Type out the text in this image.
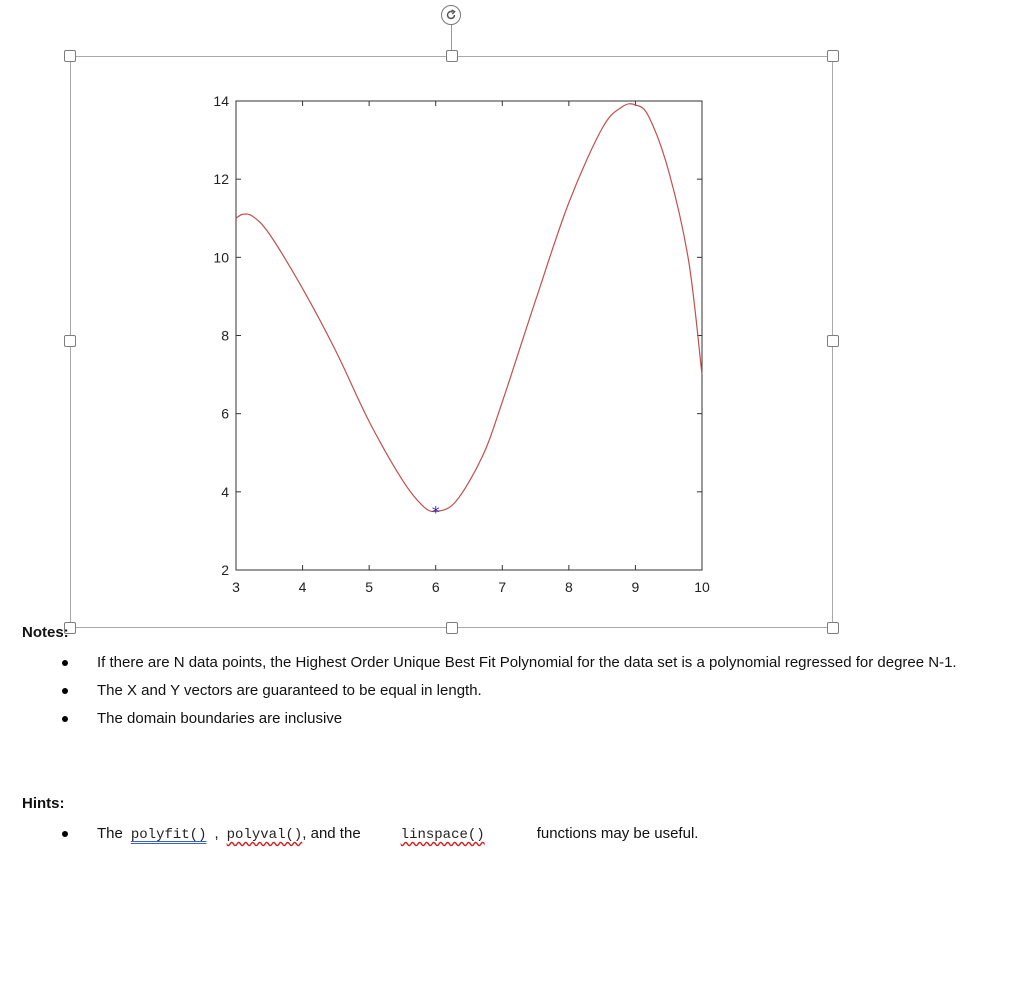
3	4	5	6	7	8	9	10
2
4
6
8
10
12
14
*
Notes:
If there are N data points, the Highest Order Unique Best Fit Polynomial for the data set is a polynomial regressed for degree N-1.
The X and Y vectors are guaranteed to be equal in length.
The domain boundaries are inclusive
Hints:
The polyfit() , polyval(), and the	linspace()	functions may be useful.
